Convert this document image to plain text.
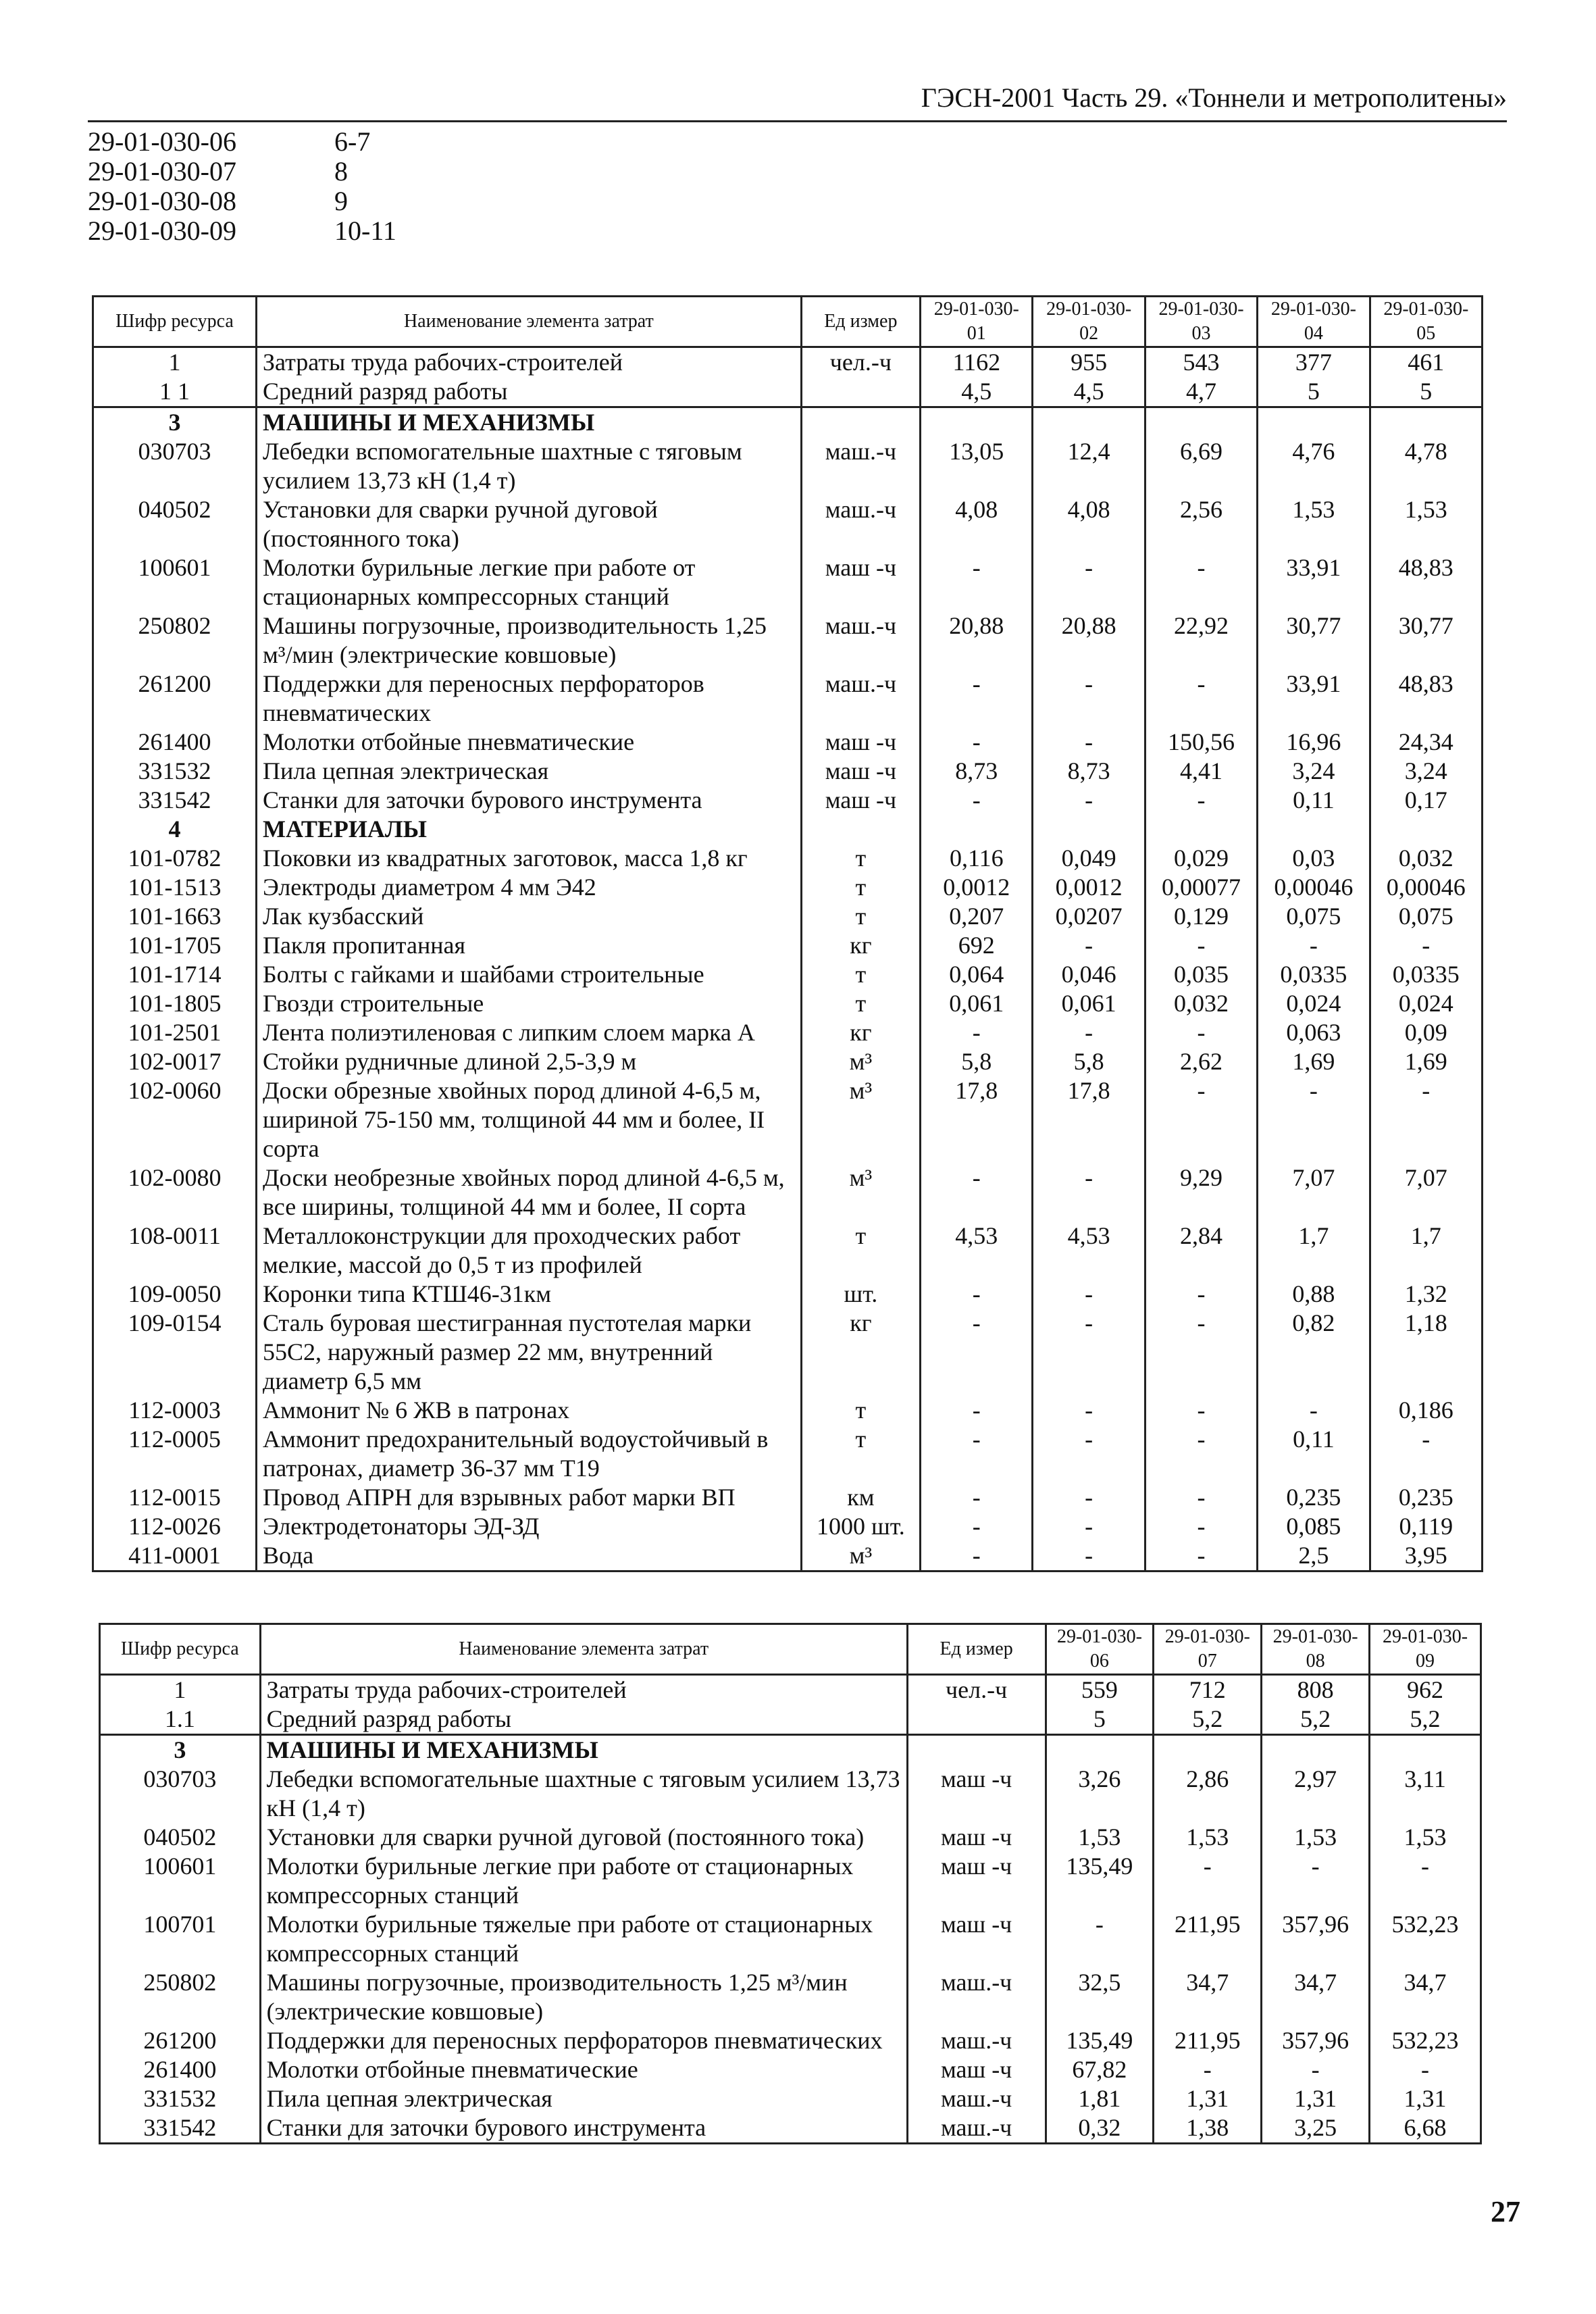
ГЭСН-2001 Часть 29. «Тоннели и метрополитены»
29-01-030-06	6-7
29-01-030-07	8
29-01-030-08	9
29-01-030-09	10-11
Шифр ресурса	Наименование элемента затрат	Ед измер	29-01-030-01	29-01-030-02	29-01-030-03	29-01-030-04	29-01-030-05
1	Затраты труда рабочих-строителей	чел.-ч	1162	955	543	377	461
1 1	Средний разряд работы		4,5	4,5	4,7	5	5
3	МАШИНЫ И МЕХАНИЗМЫ						
030703	Лебедки вспомогательные шахтные с тяговым усилием 13,73 кН (1,4 т)	маш.-ч	13,05	12,4	6,69	4,76	4,78
040502	Установки для сварки ручной дуговой (постоянного тока)	маш.-ч	4,08	4,08	2,56	1,53	1,53
100601	Молотки бурильные легкие при работе от стационарных компрессорных станций	маш -ч	-	-	-	33,91	48,83
250802	Машины погрузочные, производительность 1,25 м³/мин (электрические ковшовые)	маш.-ч	20,88	20,88	22,92	30,77	30,77
261200	Поддержки для переносных перфораторов пневматических	маш.-ч	-	-	-	33,91	48,83
261400	Молотки отбойные пневматические	маш -ч	-	-	150,56	16,96	24,34
331532	Пила цепная электрическая	маш -ч	8,73	8,73	4,41	3,24	3,24
331542	Станки для заточки бурового инструмента	маш -ч	-	-	-	0,11	0,17
4	МАТЕРИАЛЫ						
101-0782	Поковки из квадратных заготовок, масса 1,8 кг	т	0,116	0,049	0,029	0,03	0,032
101-1513	Электроды диаметром 4 мм Э42	т	0,0012	0,0012	0,00077	0,00046	0,00046
101-1663	Лак кузбасский	т	0,207	0,0207	0,129	0,075	0,075
101-1705	Пакля пропитанная	кг	692	-	-	-	-
101-1714	Болты с гайками и шайбами строительные	т	0,064	0,046	0,035	0,0335	0,0335
101-1805	Гвозди строительные	т	0,061	0,061	0,032	0,024	0,024
101-2501	Лента полиэтиленовая с липким слоем марка А	кг	-	-	-	0,063	0,09
102-0017	Стойки рудничные длиной 2,5-3,9 м	м³	5,8	5,8	2,62	1,69	1,69
102-0060	Доски обрезные хвойных пород длиной 4-6,5 м, шириной 75-150 мм, толщиной 44 мм и более, II сорта	м³	17,8	17,8	-	-	-
102-0080	Доски необрезные хвойных пород длиной 4-6,5 м, все ширины, толщиной 44 мм и более, II сорта	м³	-	-	9,29	7,07	7,07
108-0011	Металлоконструкции для проходческих работ мелкие, массой до 0,5 т из профилей	т	4,53	4,53	2,84	1,7	1,7
109-0050	Коронки типа КТШ46-31км	шт.	-	-	-	0,88	1,32
109-0154	Сталь буровая шестигранная пустотелая марки 55С2, наружный размер 22 мм, внутренний диаметр 6,5 мм	кг	-	-	-	0,82	1,18
112-0003	Аммонит № 6 ЖВ в патронах	т	-	-	-	-	0,186
112-0005	Аммонит предохранительный водоустойчивый в патронах, диаметр 36-37 мм Т19	т	-	-	-	0,11	-
112-0015	Провод АПРН для взрывных работ марки ВП	км	-	-	-	0,235	0,235
112-0026	Электродетонаторы ЭД-ЗД	1000 шт.	-	-	-	0,085	0,119
411-0001	Вода	м³	-	-	-	2,5	3,95
Шифр ресурса	Наименование элемента затрат	Ед измер	29-01-030-06	29-01-030-07	29-01-030-08	29-01-030-09
1	Затраты труда рабочих-строителей	чел.-ч	559	712	808	962
1.1	Средний разряд работы		5	5,2	5,2	5,2
3	МАШИНЫ И МЕХАНИЗМЫ					
030703	Лебедки вспомогательные шахтные с тяговым усилием 13,73 кН (1,4 т)	маш -ч	3,26	2,86	2,97	3,11
040502	Установки для сварки ручной дуговой (постоянного тока)	маш -ч	1,53	1,53	1,53	1,53
100601	Молотки бурильные легкие при работе от стационарных компрессорных станций	маш -ч	135,49	-	-	-
100701	Молотки бурильные тяжелые при работе от стационарных компрессорных станций	маш -ч	-	211,95	357,96	532,23
250802	Машины погрузочные, производительность 1,25 м³/мин (электрические ковшовые)	маш.-ч	32,5	34,7	34,7	34,7
261200	Поддержки для переносных перфораторов пневматических	маш.-ч	135,49	211,95	357,96	532,23
261400	Молотки отбойные пневматические	маш -ч	67,82	-	-	-
331532	Пила цепная электрическая	маш.-ч	1,81	1,31	1,31	1,31
331542	Станки для заточки бурового инструмента	маш.-ч	0,32	1,38	3,25	6,68
27
